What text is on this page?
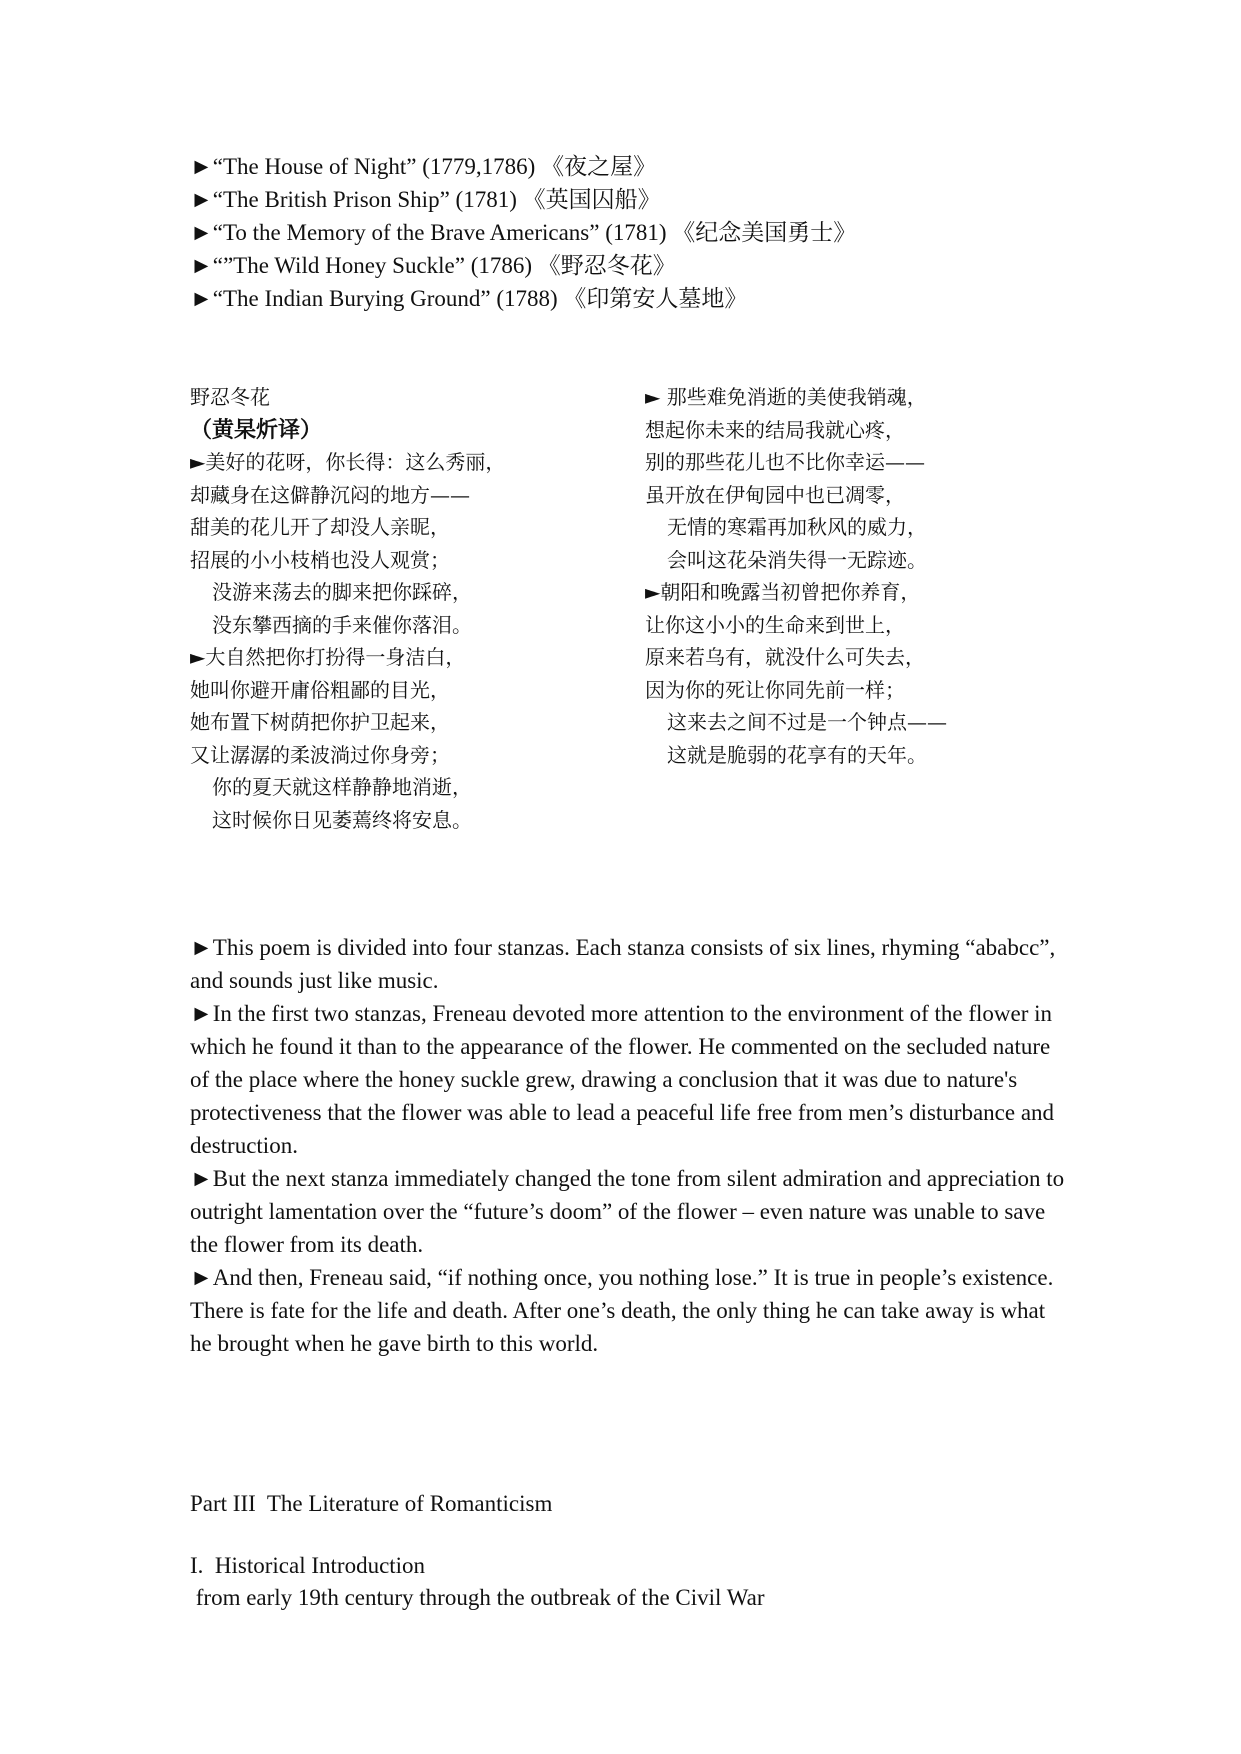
►“The House of Night” (1779,1786) 《夜之屋》
►“The British Prison Ship” (1781) 《英国囚船》
►“To the Memory of the Brave Americans” (1781) 《纪念美国勇士》
►“”The Wild Honey Suckle” (1786) 《野忍冬花》
►“The Indian Burying Ground” (1788) 《印第安人墓地》
野忍冬花
（黄杲炘译）
►美好的花呀，你长得：这么秀丽，
却藏身在这僻静沉闷的地方——
甜美的花儿开了却没人亲昵，
招展的小小枝梢也没人观赏；
没游来荡去的脚来把你踩碎，
没东攀西摘的手来催你落泪。
►大自然把你打扮得一身洁白，
她叫你避开庸俗粗鄙的目光，
她布置下树荫把你护卫起来，
又让潺潺的柔波淌过你身旁；
你的夏天就这样静静地消逝，
这时候你日见萎蔫终将安息。
► 那些难免消逝的美使我销魂，
想起你未来的结局我就心疼，
别的那些花儿也不比你幸运——
虽开放在伊甸园中也已凋零，
无情的寒霜再加秋风的威力，
会叫这花朵消失得一无踪迹。
►朝阳和晚露当初曾把你养育，
让你这小小的生命来到世上，
原来若乌有，就没什么可失去，
因为你的死让你同先前一样；
这来去之间不过是一个钟点——
这就是脆弱的花享有的天年。
►This poem is divided into four stanzas. Each stanza consists of six lines, rhyming “ababcc”, and sounds just like music.
►In the first two stanzas, Freneau devoted more attention to the environment of the flower in which he found it than to the appearance of the flower. He commented on the secluded nature of the place where the honey suckle grew, drawing a conclusion that it was due to nature's protectiveness that the flower was able to lead a peaceful life free from men’s disturbance and destruction.
►But the next stanza immediately changed the tone from silent admiration and appreciation to outright lamentation over the “future’s doom” of the flower – even nature was unable to save the flower from its death.
►And then, Freneau said, “if nothing once, you nothing lose.” It is true in people’s existence. There is fate for the life and death. After one’s death, the only thing he can take away is what he brought when he gave birth to this world.
Part III  The Literature of Romanticism
I.  Historical Introduction
from early 19th century through the outbreak of the Civil War
